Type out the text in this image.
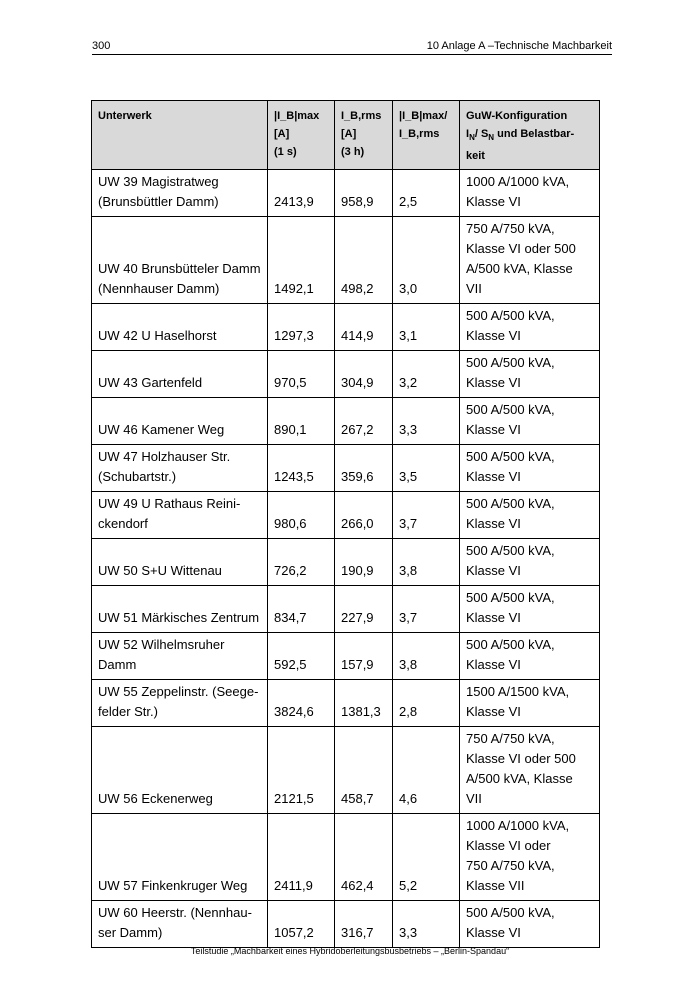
300	10 Anlage A –Technische Machbarkeit
Unterwerk	|I_B|max
[A]
(1 s)	I_B,rms
[A]
(3 h)	|I_B|max/
I_B,rms	GuW-Konfiguration
$I_N/$ $S_N$ und Belastbar-
keit

UW 39 Magistratweg
(Brunsbüttler Damm)	2413,9	958,9	2,5	1000 A/1000 kVA,
Klasse VI
UW 40 Brunsbütteler Damm
(Nennhauser Damm)	1492,1	498,2	3,0	750 A/750 kVA,
Klasse VI oder 500
A/500 kVA, Klasse
VII
UW 42 U Haselhorst	1297,3	414,9	3,1	500 A/500 kVA,
Klasse VI
UW 43 Gartenfeld	970,5	304,9	3,2	500 A/500 kVA,
Klasse VI
UW 46 Kamener Weg	890,1	267,2	3,3	500 A/500 kVA,
Klasse VI
UW 47 Holzhauser Str.
(Schubartstr.)	1243,5	359,6	3,5	500 A/500 kVA,
Klasse VI
UW 49 U Rathaus Reini-
ckendorf	980,6	266,0	3,7	500 A/500 kVA,
Klasse VI
UW 50 S+U Wittenau	726,2	190,9	3,8	500 A/500 kVA,
Klasse VI
UW 51 Märkisches Zentrum	834,7	227,9	3,7	500 A/500 kVA,
Klasse VI
UW 52 Wilhelmsruher
Damm	592,5	157,9	3,8	500 A/500 kVA,
Klasse VI
UW 55 Zeppelinstr. (Seege-
felder Str.)	3824,6	1381,3	2,8	1500 A/1500 kVA,
Klasse VI
UW 56 Eckenerweg	2121,5	458,7	4,6	750 A/750 kVA,
Klasse VI oder 500
A/500 kVA, Klasse
VII
UW 57 Finkenkruger Weg	2411,9	462,4	5,2	1000 A/1000 kVA,
Klasse VI oder
750 A/750 kVA,
Klasse VII
UW 60 Heerstr. (Nennhau-
ser Damm)	1057,2	316,7	3,3	500 A/500 kVA,
Klasse VI
Teilstudie „Machbarkeit eines Hybridoberleitungsbusbetriebs – „Berlin-Spandau“
